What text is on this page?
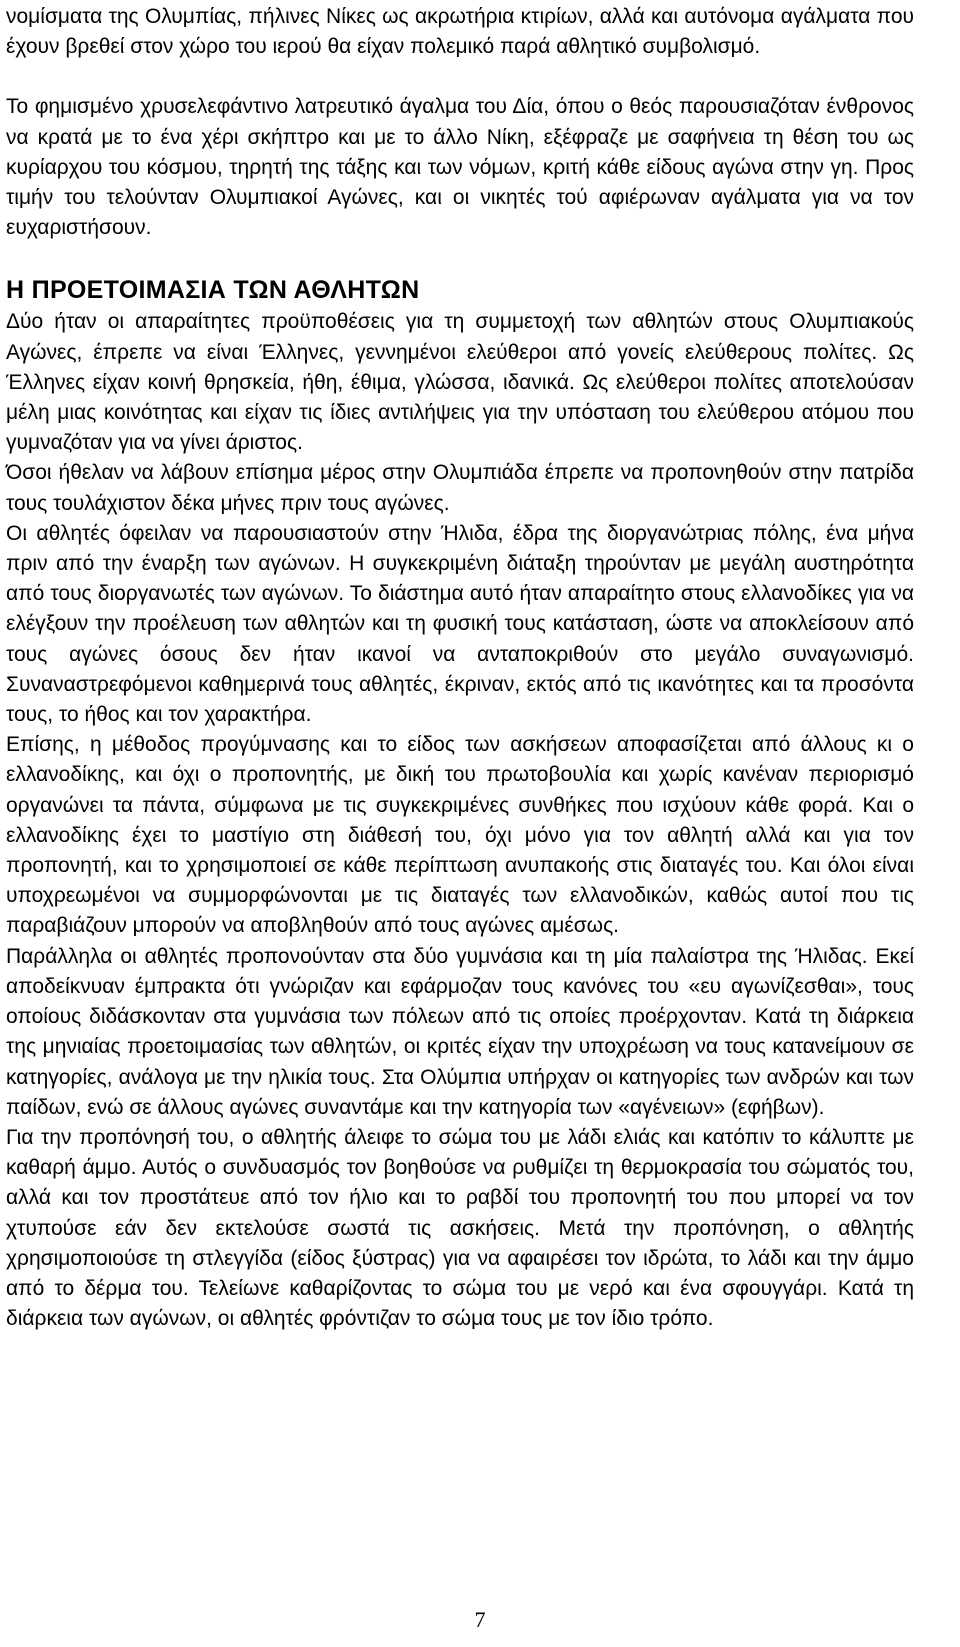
νομίσματα της Ολυμπίας, πήλινες Νίκες ως ακρωτήρια κτιρίων, αλλά και αυτόνομα αγάλματα που έχουν βρεθεί στον χώρο του ιερού θα είχαν πολεμικό παρά αθλητικό συμβολισμό.

Το φημισμένο χρυσελεφάντινο λατρευτικό άγαλμα του Δία, όπου ο θεός παρουσιαζόταν ένθρονος να κρατά με το ένα χέρι σκήπτρο και με το άλλο Νίκη, εξέφραζε με σαφήνεια τη θέση του ως κυρίαρχου του κόσμου, τηρητή της τάξης και των νόμων, κριτή κάθε είδους αγώνα στην γη. Προς τιμήν του τελούνταν Ολυμπιακοί Αγώνες, και οι νικητές τού αφιέρωναν αγάλματα για να τον ευχαριστήσουν.

Η ΠΡΟΕΤΟΙΜΑΣΙΑ ΤΩΝ ΑΘΛΗΤΩΝ

Δύο ήταν οι απαραίτητες προϋποθέσεις για τη συμμετοχή των αθλητών στους Ολυμπιακούς Αγώνες, έπρεπε να είναι Έλληνες, γεννημένοι ελεύθεροι από γονείς ελεύθερους πολίτες. Ως Έλληνες είχαν κοινή θρησκεία, ήθη, έθιμα, γλώσσα, ιδανικά. Ως ελεύθεροι πολίτες αποτελούσαν μέλη μιας κοινότητας και είχαν τις ίδιες αντιλήψεις για την υπόσταση του ελεύθερου ατόμου που γυμναζόταν για να γίνει άριστος.

Όσοι ήθελαν να λάβουν επίσημα μέρος στην Ολυμπιάδα έπρεπε να προπονηθούν στην πατρίδα τους τουλάχιστον δέκα μήνες πριν τους αγώνες.

Οι αθλητές όφειλαν να παρουσιαστούν στην Ήλιδα, έδρα της διοργανώτριας πόλης, ένα μήνα πριν από την έναρξη των αγώνων. Η συγκεκριμένη διάταξη τηρούνταν με μεγάλη αυστηρότητα από τους διοργανωτές των αγώνων. Το διάστημα αυτό ήταν απαραίτητο στους ελλανοδίκες για να ελέγξουν την προέλευση των αθλητών και τη φυσική τους κατάσταση, ώστε να αποκλείσουν από τους αγώνες όσους δεν ήταν ικανοί να ανταποκριθούν στο μεγάλο συναγωνισμό. Συναναστρεφόμενοι καθημερινά τους αθλητές, έκριναν, εκτός από τις ικανότητες και τα προσόντα τους, το ήθος και τον χαρακτήρα.

Επίσης, η μέθοδος προγύμνασης και το είδος των ασκήσεων αποφασίζεται από άλλους κι ο ελλανοδίκης, και όχι ο προπονητής, με δική του πρωτοβουλία και χωρίς κανέναν περιορισμό οργανώνει τα πάντα, σύμφωνα με τις συγκεκριμένες συνθήκες που ισχύουν κάθε φορά. Και ο ελλανοδίκης έχει το μαστίγιο στη διάθεσή του, όχι μόνο για τον αθλητή αλλά και για τον προπονητή, και το χρησιμοποιεί σε κάθε περίπτωση ανυπακοής στις διαταγές του. Και όλοι είναι υποχρεωμένοι να συμμορφώνονται με τις διαταγές των ελλανοδικών, καθώς αυτοί που τις παραβιάζουν μπορούν να αποβληθούν από τους αγώνες αμέσως.

Παράλληλα οι αθλητές προπονούνταν στα δύο γυμνάσια και τη μία παλαίστρα της Ήλιδας. Εκεί αποδείκνυαν έμπρακτα ότι γνώριζαν και εφάρμοζαν τους κανόνες του «ευ αγωνίζεσθαι», τους οποίους διδάσκονταν στα γυμνάσια των πόλεων από τις οποίες προέρχονταν. Κατά τη διάρκεια της μηνιαίας προετοιμασίας των αθλητών, οι κριτές είχαν την υποχρέωση να τους κατανείμουν σε κατηγορίες, ανάλογα με την ηλικία τους. Στα Ολύμπια υπήρχαν οι κατηγορίες των ανδρών και των παίδων, ενώ σε άλλους αγώνες συναντάμε και την κατηγορία των «αγένειων» (εφήβων).

Για την προπόνησή του, ο αθλητής άλειφε το σώμα του με λάδι ελιάς και κατόπιν το κάλυπτε με καθαρή άμμο. Αυτός ο συνδυασμός τον βοηθούσε να ρυθμίζει τη θερμοκρασία του σώματός του, αλλά και τον προστάτευε από τον ήλιο και το ραβδί του προπονητή του που μπορεί να τον χτυπούσε εάν δεν εκτελούσε σωστά τις ασκήσεις. Μετά την προπόνηση, ο αθλητής χρησιμοποιούσε τη στλεγγίδα (είδος ξύστρας) για να αφαιρέσει τον ιδρώτα, το λάδι και την άμμο από το δέρμα του. Τελείωνε καθαρίζοντας το σώμα του με νερό και ένα σφουγγάρι. Κατά τη διάρκεια των αγώνων, οι αθλητές φρόντιζαν το σώμα τους με τον ίδιο τρόπο.

7
